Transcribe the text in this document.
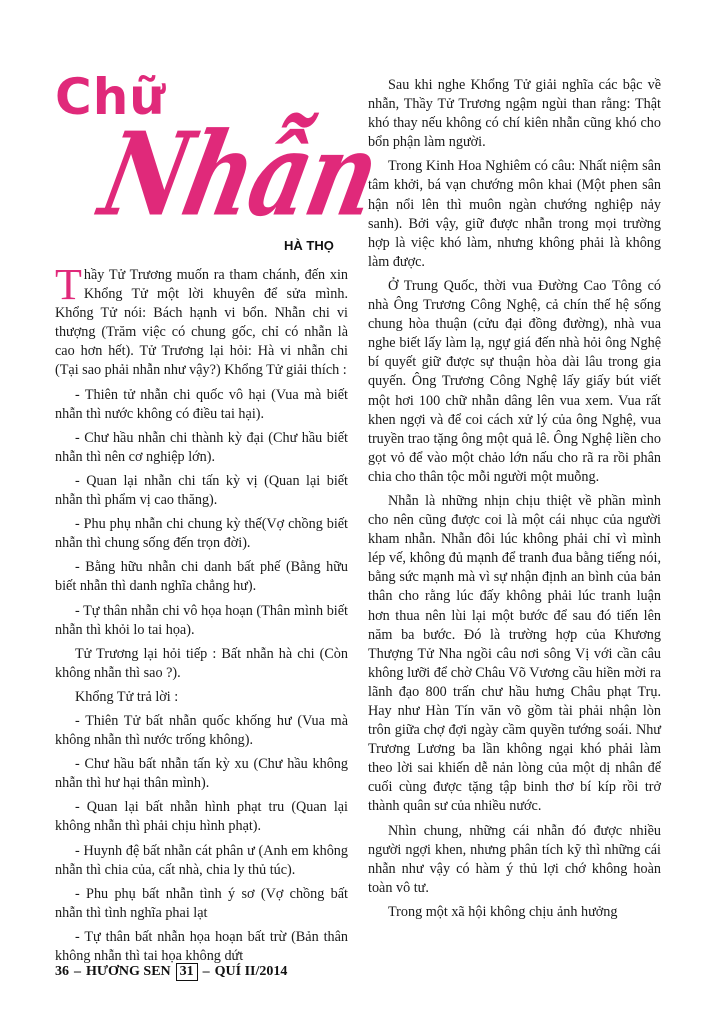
Chữ
Nhẫn
HÀ THỌ

Thầy Tử Trương muốn ra tham chánh, đến xin Khổng Tử một lời khuyên để sửa mình. Khổng Tử nói: Bách hạnh vi bổn. Nhẫn chi vi thượng (Trăm việc có chung gốc, chỉ có nhẫn là cao hơn hết). Tử Trương lại hỏi: Hà vi nhẫn chi (Tại sao phải nhẫn như vậy?) Khổng Tử giải thích :

- Thiên tử nhẫn chi quốc vô hại (Vua mà biết nhẫn thì nước không có điều tai hại).

- Chư hầu nhẫn chi thành kỳ đại (Chư hầu biết nhẫn thì nên cơ nghiệp lớn).

- Quan lại nhẫn chi tấn kỳ vị (Quan lại biết nhẫn thì phẩm vị cao thăng).

- Phu phụ nhẫn chi chung kỳ thế(Vợ chồng biết nhẫn thì chung sống đến trọn đời).

- Bằng hữu nhẫn chi danh bất phế (Bằng hữu biết nhẫn thì danh nghĩa chẳng hư).

- Tự thân nhẫn chi vô họa hoạn (Thân mình biết nhẫn thì khỏi lo tai họa).

Tử Trương lại hỏi tiếp : Bất nhẫn hà chi (Còn không nhẫn thì sao ?).

Khổng Tử trả lời :

- Thiên Tử bất nhẫn quốc khống hư (Vua mà không nhẫn thì nước trống không).

- Chư hầu bất nhẫn tấn kỳ xu (Chư hầu không nhẫn thì hư hại thân mình).

- Quan lại bất nhẫn hình phạt tru (Quan lại không nhẫn thì phải chịu hình phạt).

- Huynh đệ bất nhẫn cát phân ư (Anh em không nhẫn thì chia của, cất nhà, chia ly thủ túc).

- Phu phụ bất nhẫn tình ý sơ (Vợ chồng bất nhẫn thì tình nghĩa phai lạt

- Tự thân bất nhẫn họa hoạn bất trừ (Bản thân không nhẫn thì tai họa không dứt

Sau khi nghe Khổng Tử giải nghĩa các bậc về nhẫn, Thầy Tử Trương ngậm ngùi than rằng: Thật khó thay nếu không có chí kiên nhẫn cũng khó cho bổn phận làm người.

Trong Kinh Hoa Nghiêm có câu: Nhất niệm sân tâm khởi, bá vạn chướng môn khai (Một phen sân hận nổi lên thì muôn ngàn chướng nghiệp nảy sanh). Bởi vậy, giữ được nhẫn trong mọi trường hợp là việc khó làm, nhưng không phải là không làm được.

Ở Trung Quốc, thời vua Đường Cao Tông có nhà Ông Trương Công Nghệ, cả chín thế hệ sống chung hòa thuận (cửu đại đồng đường), nhà vua nghe biết lấy làm lạ, ngự giá đến nhà hỏi ông Nghệ bí quyết giữ được sự thuận hòa dài lâu trong gia quyến. Ông Trương Công Nghệ lấy giấy bút viết một hơi 100 chữ nhẫn dâng lên vua xem. Vua rất khen ngợi và để coi cách xử lý của ông Nghệ, vua truyền trao tặng ông một quả lê. Ông Nghệ liền cho gọt vỏ để vào một chảo lớn nấu cho rã ra rồi phân chia cho thân tộc mỗi người một muỗng.

Nhẫn là những nhịn chịu thiệt về phần mình cho nên cũng được coi là một cái nhục của người kham nhẫn. Nhẫn đôi lúc không phải chỉ vì mình lép vế, không đủ mạnh để tranh đua bằng tiếng nói, bằng sức mạnh mà vì sự nhận định an bình của bản thân cho rằng lúc đấy không phải lúc tranh luận hơn thua nên lùi lại một bước để sau đó tiến lên năm ba bước. Đó là trường hợp của Khương Thượng Tử Nha ngồi câu nơi sông Vị với cần câu không lưỡi để chờ Châu Võ Vương cầu hiền mời ra lãnh đạo 800 trấn chư hầu hưng Châu phạt Trụ. Hay như Hàn Tín văn võ gồm tài phải nhận lòn trôn giữa chợ đợi ngày cầm quyền tướng soái. Như Trương Lương ba lần không ngại khó phải làm theo lời sai khiến dễ nản lòng của một dị nhân để cuối cùng được tặng tập binh thơ bí kíp rồi trở thành quân sư của nhiều nước.

Nhìn chung, những cái nhẫn đó được nhiều người ngợi khen, nhưng phân tích kỹ thì những cái nhẫn như vậy có hàm ý thủ lợi chớ không hoàn toàn vô tư.

Trong một xã hội không chịu ảnh hưởng

36 – HƯƠNG SEN 31 – QUÍ II/2014
